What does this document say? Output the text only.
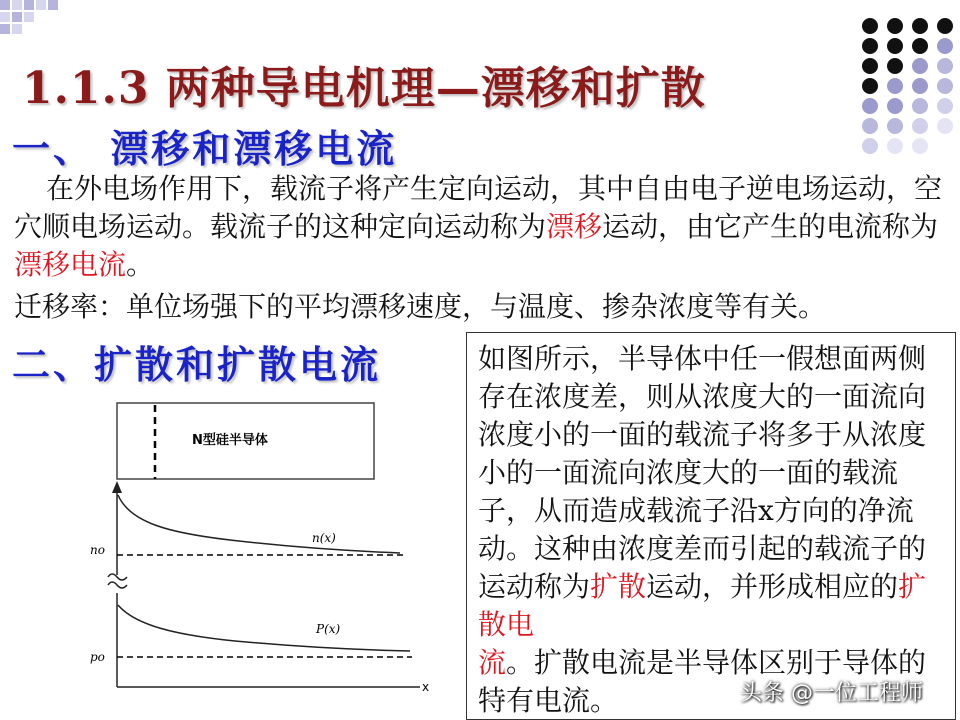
1.1.3 两种导电机理—漂移和扩散
一、 漂移和漂移电流
在外电场作用下，载流子将产生定向运动，其中自由电子逆电场运动，空穴顺电场运动。载流子的这种定向运动称为漂移运动，由它产生的电流称为漂移电流。
迁移率：单位场强下的平均漂移速度，与温度、掺杂浓度等有关。
二、扩散和扩散电流	如图所示，半导体中任一假想面两侧存在浓度差，则从浓度大的一面流向浓度小的一面的载流子将多于从浓度小的一面流向浓度大的一面的载流子，从而造成载流子沿x方向的净流动。这种由浓度差而引起的载流子的运动称为扩散运动，并形成相应的扩散电
流。扩散电流是半导体区别于导体的特有电流。
N型硅半导体
x
n(x)
no
P(x)
po
头条 @一位工程师
